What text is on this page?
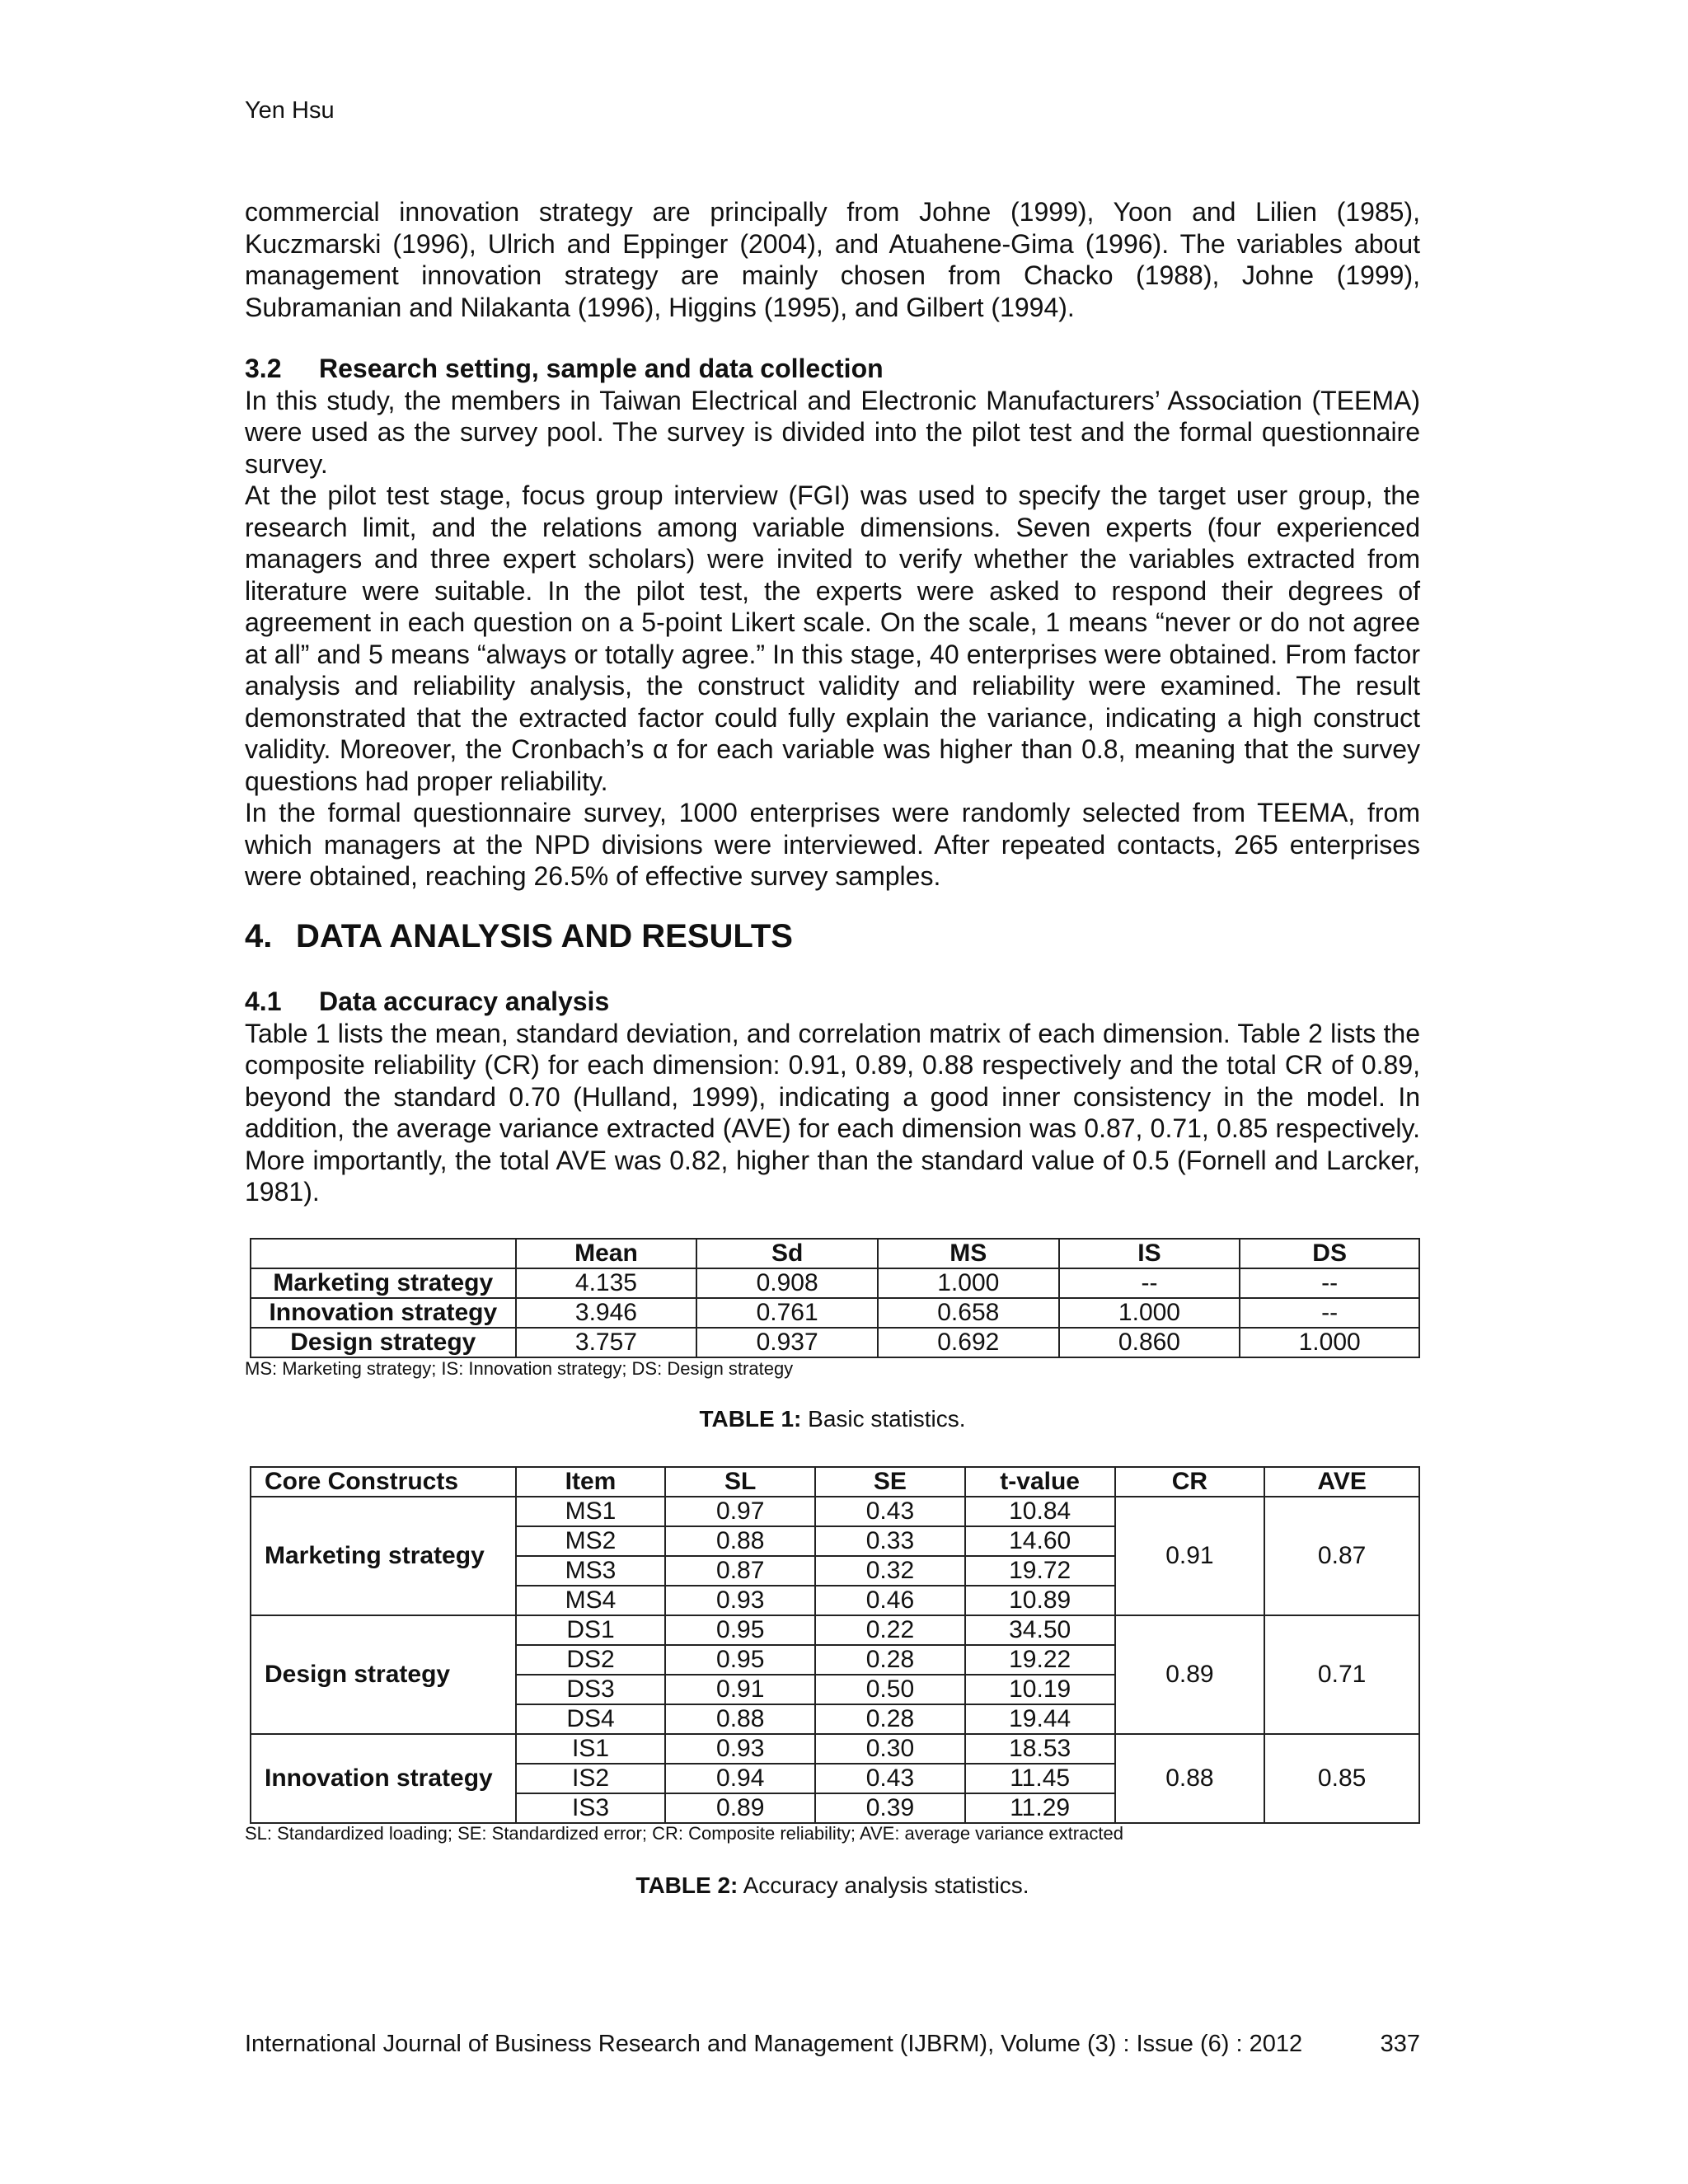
Yen Hsu

commercial innovation strategy are principally from Johne (1999), Yoon and Lilien (1985), Kuczmarski (1996), Ulrich and Eppinger (2004), and Atuahene-Gima (1996). The variables about management innovation strategy are mainly chosen from Chacko (1988), Johne (1999), Subramanian and Nilakanta (1996), Higgins (1995), and Gilbert (1994).

3.2 Research setting, sample and data collection

In this study, the members in Taiwan Electrical and Electronic Manufacturers’ Association (TEEMA) were used as the survey pool. The survey is divided into the pilot test and the formal questionnaire survey.

At the pilot test stage, focus group interview (FGI) was used to specify the target user group, the research limit, and the relations among variable dimensions. Seven experts (four experienced managers and three expert scholars) were invited to verify whether the variables extracted from literature were suitable. In the pilot test, the experts were asked to respond their degrees of agreement in each question on a 5-point Likert scale. On the scale, 1 means “never or do not agree at all” and 5 means “always or totally agree.” In this stage, 40 enterprises were obtained. From factor analysis and reliability analysis, the construct validity and reliability were examined. The result demonstrated that the extracted factor could fully explain the variance, indicating a high construct validity. Moreover, the Cronbach’s α for each variable was higher than 0.8, meaning that the survey questions had proper reliability.

In the formal questionnaire survey, 1000 enterprises were randomly selected from TEEMA, from which managers at the NPD divisions were interviewed. After repeated contacts, 265 enterprises were obtained, reaching 26.5% of effective survey samples.

4. DATA ANALYSIS AND RESULTS
4.1 Data accuracy analysis

Table 1 lists the mean, standard deviation, and correlation matrix of each dimension. Table 2 lists the composite reliability (CR) for each dimension: 0.91, 0.89, 0.88 respectively and the total CR of 0.89, beyond the standard 0.70 (Hulland, 1999), indicating a good inner consistency in the model. In addition, the average variance extracted (AVE) for each dimension was 0.87, 0.71, 0.85 respectively. More importantly, the total AVE was 0.82, higher than the standard value of 0.5 (Fornell and Larcker, 1981).

	Mean	Sd	MS	IS	DS
Marketing strategy	4.135	0.908	1.000	--	--
Innovation strategy	3.946	0.761	0.658	1.000	--
Design strategy	3.757	0.937	0.692	0.860	1.000
MS: Marketing strategy; IS: Innovation strategy; DS: Design strategy
TABLE 1: Basic statistics.
Core Constructs	Item	SL	SE	t-value	CR	AVE
Marketing strategy	MS1	0.97	0.43	10.84	0.91	0.87
	MS2	0.88	0.33	14.60		
	MS3	0.87	0.32	19.72		
	MS4	0.93	0.46	10.89		
Design strategy	DS1	0.95	0.22	34.50	0.89	0.71
	DS2	0.95	0.28	19.22		
	DS3	0.91	0.50	10.19		
	DS4	0.88	0.28	19.44		
Innovation strategy	IS1	0.93	0.30	18.53	0.88	0.85
	IS2	0.94	0.43	11.45		
	IS3	0.89	0.39	11.29		
SL: Standardized loading; SE: Standardized error; CR: Composite reliability; AVE: average variance extracted
TABLE 2: Accuracy analysis statistics.
International Journal of Business Research and Management (IJBRM), Volume (3) : Issue (6) : 2012	337
